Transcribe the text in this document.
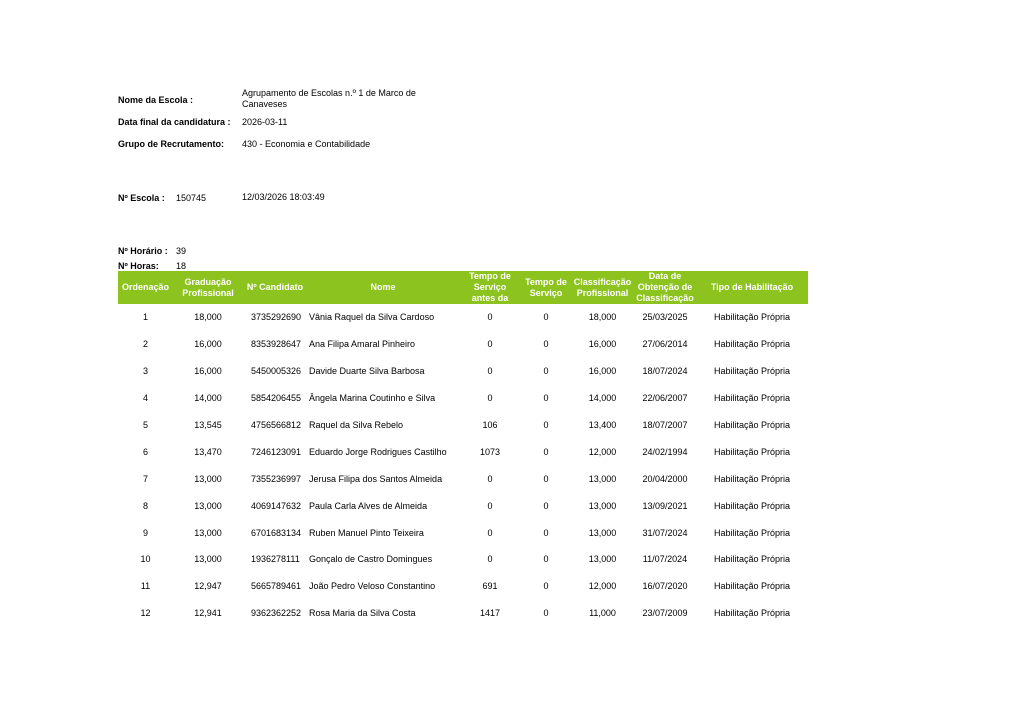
Nome da Escola :
Agrupamento de Escolas n.º 1 de Marco de Canaveses
Data final da candidatura : 2026-03-11
Grupo de Recrutamento: 430 - Economia e Contabilidade
Nº Escola : 150745	12/03/2026 18:03:49
Nº Horário : 39
Nº Horas: 18
Ordenação	Graduação Profissional	Nº Candidato	Nome	Tempo de Serviço antes da	Tempo de Serviço	Classificação Profissional	Data de Obtenção de Classificação	Tipo de Habilitação
1	18,000	3735292690	Vânia Raquel da Silva Cardoso	0	0	18,000	25/03/2025	Habilitação Própria
2	16,000	8353928647	Ana Filipa Amaral Pinheiro	0	0	16,000	27/06/2014	Habilitação Própria
3	16,000	5450005326	Davide Duarte Silva Barbosa	0	0	16,000	18/07/2024	Habilitação Própria
4	14,000	5854206455	Ângela Marina Coutinho e Silva	0	0	14,000	22/06/2007	Habilitação Própria
5	13,545	4756566812	Raquel da Silva Rebelo	106	0	13,400	18/07/2007	Habilitação Própria
6	13,470	7246123091	Eduardo Jorge Rodrigues Castilho	1073	0	12,000	24/02/1994	Habilitação Própria
7	13,000	7355236997	Jerusa Filipa dos Santos Almeida	0	0	13,000	20/04/2000	Habilitação Própria
8	13,000	4069147632	Paula Carla Alves de Almeida	0	0	13,000	13/09/2021	Habilitação Própria
9	13,000	6701683134	Ruben Manuel Pinto Teixeira	0	0	13,000	31/07/2024	Habilitação Própria
10	13,000	1936278111	Gonçalo de Castro Domingues	0	0	13,000	11/07/2024	Habilitação Própria
11	12,947	5665789461	João Pedro Veloso Constantino	691	0	12,000	16/07/2020	Habilitação Própria
12	12,941	9362362252	Rosa Maria da Silva Costa	1417	0	11,000	23/07/2009	Habilitação Própria
